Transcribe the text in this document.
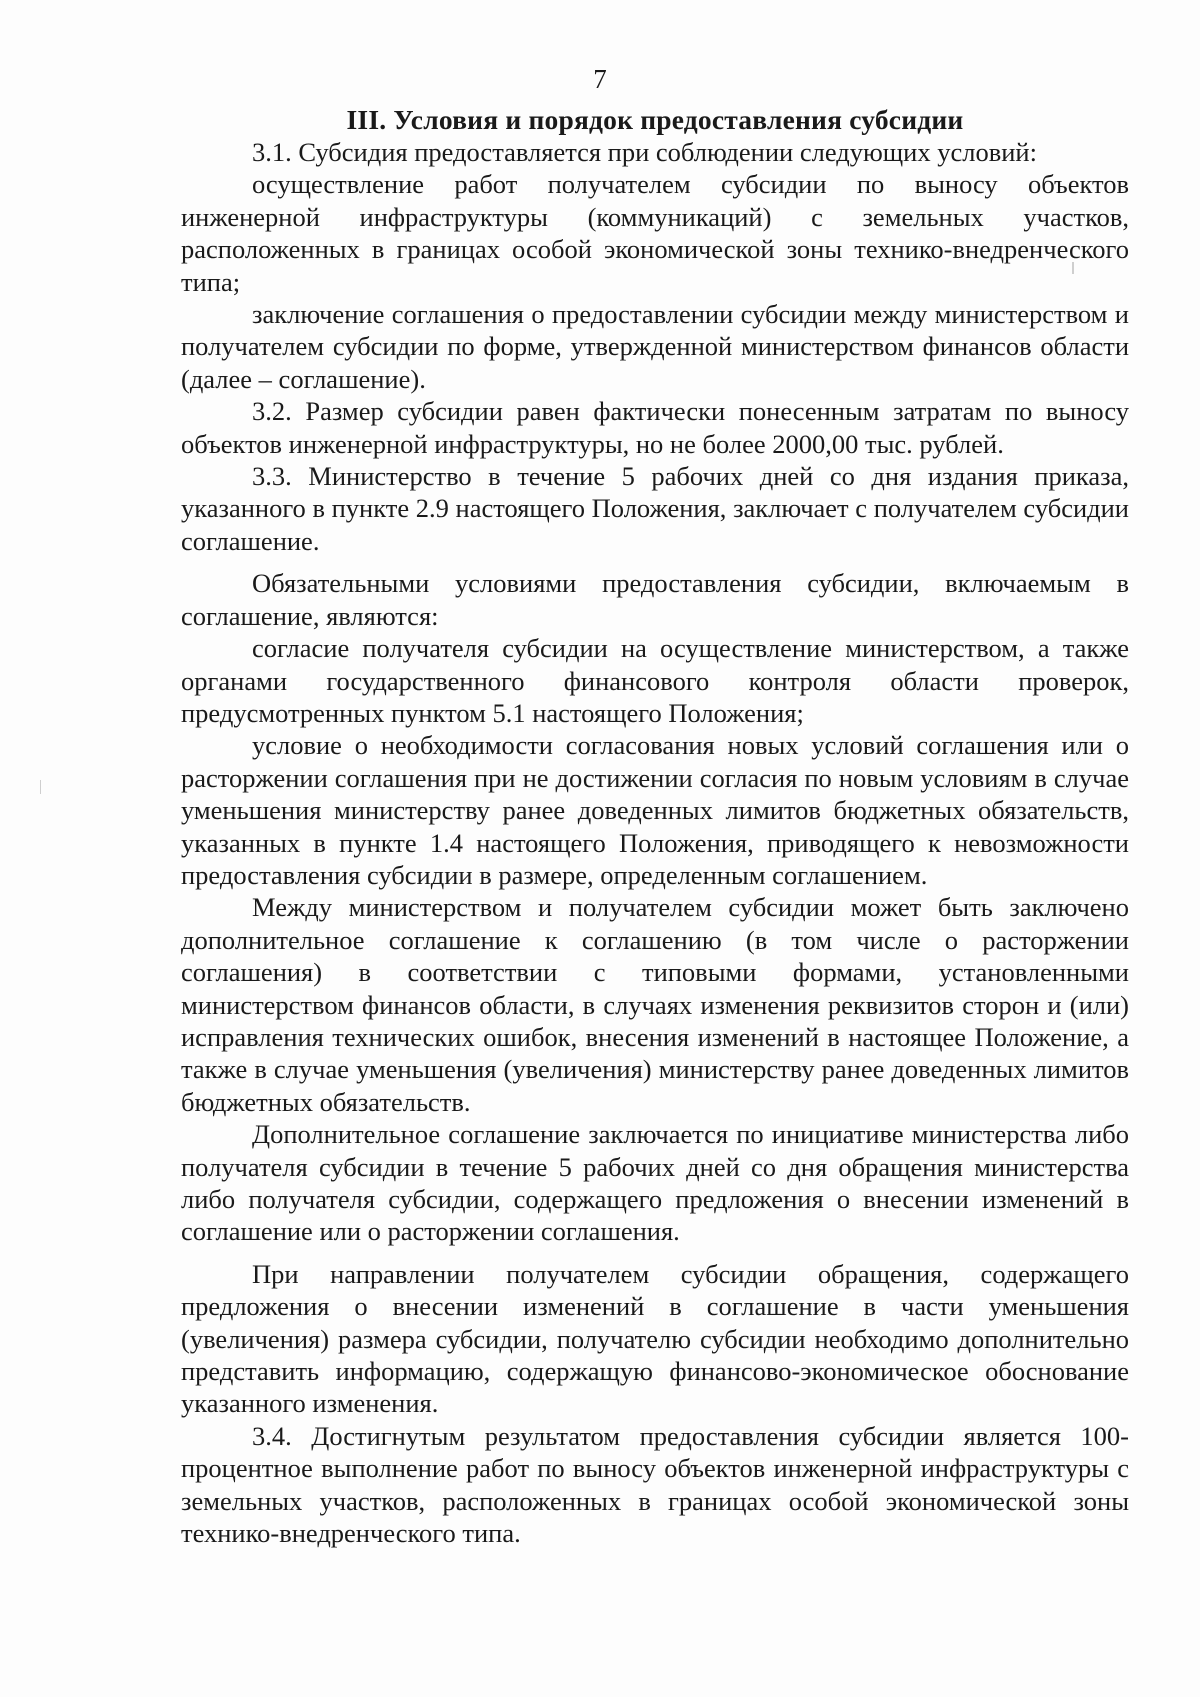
7
III. Условия и порядок предоставления субсидии

3.1. Субсидия предоставляется при соблюдении следующих условий:

осуществление работ получателем субсидии по выносу объектов инженерной инфраструктуры (коммуникаций) с земельных участков, расположенных в границах особой экономической зоны технико-внедренческого типа;

заключение соглашения о предоставлении субсидии между министерством и получателем субсидии по форме, утвержденной министерством финансов области (далее – соглашение).

3.2. Размер субсидии равен фактически понесенным затратам по выносу объектов инженерной инфраструктуры, но не более 2000,00 тыс. рублей.

3.3. Министерство в течение 5 рабочих дней со дня издания приказа, указанного в пункте 2.9 настоящего Положения, заключает с получателем субсидии соглашение.

Обязательными условиями предоставления субсидии, включаемым в соглашение, являются:

согласие получателя субсидии на осуществление министерством, а также органами государственного финансового контроля области проверок, предусмотренных пунктом 5.1 настоящего Положения;

условие о необходимости согласования новых условий соглашения или о расторжении соглашения при не достижении согласия по новым условиям в случае уменьшения министерству ранее доведенных лимитов бюджетных обязательств, указанных в пункте 1.4 настоящего Положения, приводящего к невозможности предоставления субсидии в размере, определенным соглашением.

Между министерством и получателем субсидии может быть заключено дополнительное соглашение к соглашению (в том числе о расторжении соглашения) в соответствии с типовыми формами, установленными министерством финансов области, в случаях изменения реквизитов сторон и (или) исправления технических ошибок, внесения изменений в настоящее Положение, а также в случае уменьшения (увеличения) министерству ранее доведенных лимитов бюджетных обязательств.

Дополнительное соглашение заключается по инициативе министерства либо получателя субсидии в течение 5 рабочих дней со дня обращения министерства либо получателя субсидии, содержащего предложения о внесении изменений в соглашение или о расторжении соглашения.

При направлении получателем субсидии обращения, содержащего предложения о внесении изменений в соглашение в части уменьшения (увеличения) размера субсидии, получателю субсидии необходимо дополнительно представить информацию, содержащую финансово-экономическое обоснование указанного изменения.

3.4. Достигнутым результатом предоставления субсидии является 100-процентное выполнение работ по выносу объектов инженерной инфраструктуры с земельных участков, расположенных в границах особой экономической зоны технико-внедренческого типа.
